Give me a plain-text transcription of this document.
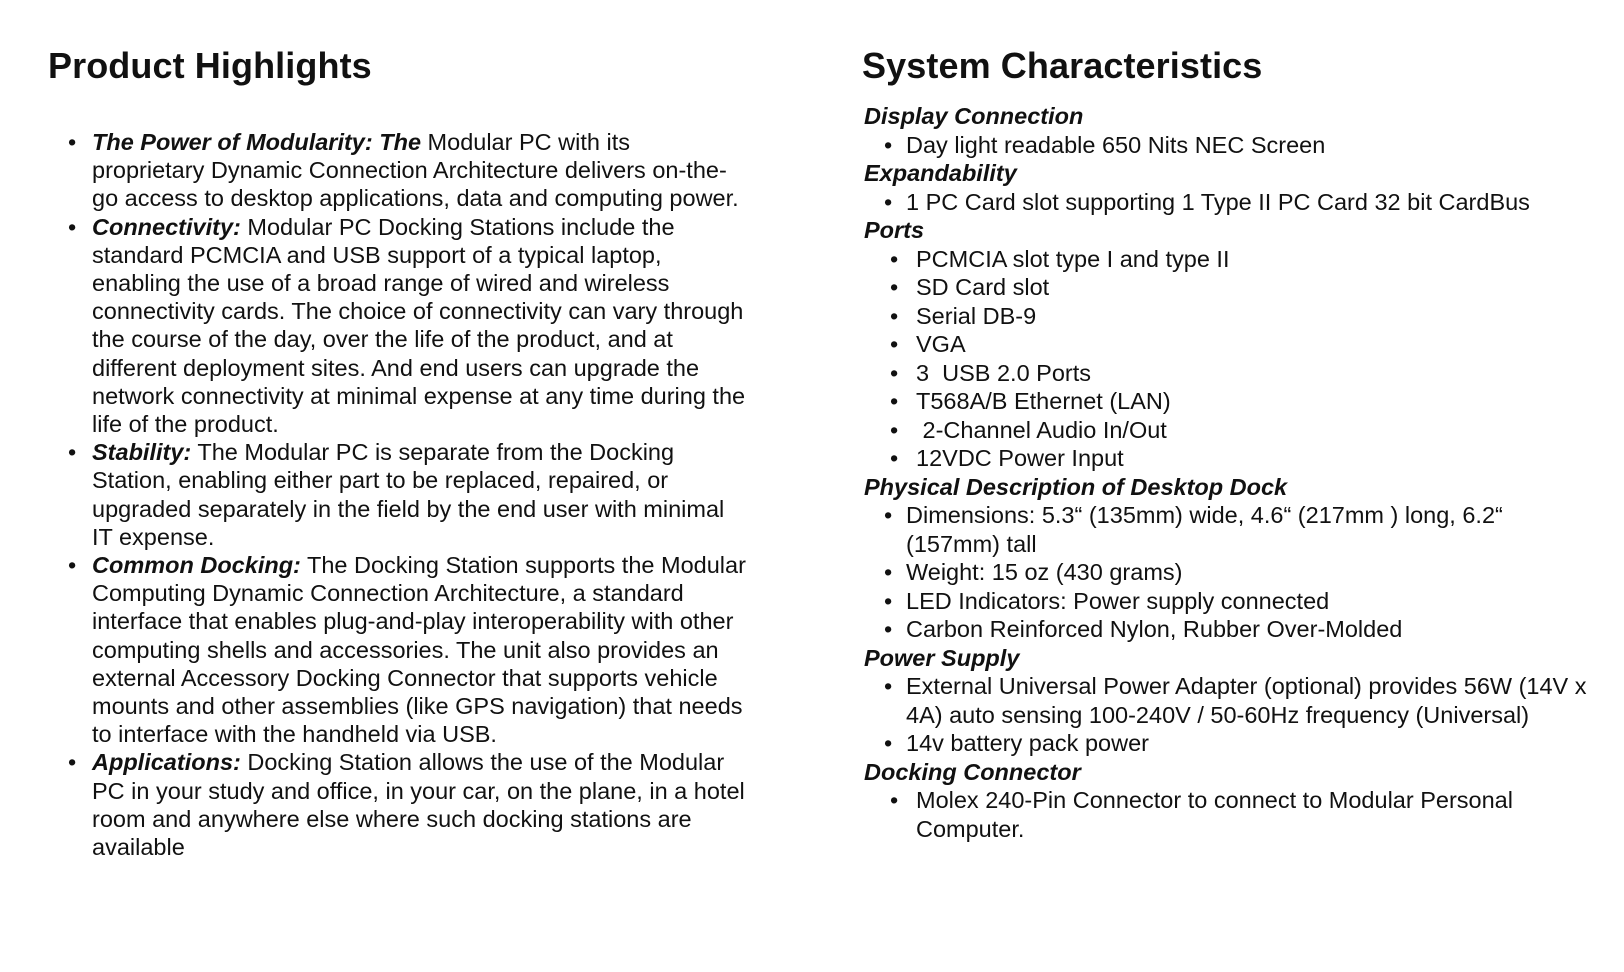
Product Highlights
• The Power of Modularity: The Modular PC with its proprietary Dynamic Connection Architecture delivers on-the-go access to desktop applications, data and computing power.
• Connectivity: Modular PC Docking Stations include the standard PCMCIA and USB support of a typical laptop, enabling the use of a broad range of wired and wireless connectivity cards. The choice of connectivity can vary through the course of the day, over the life of the product, and at different deployment sites. And end users can upgrade the network connectivity at minimal expense at any time during the life of the product.
• Stability: The Modular PC is separate from the Docking Station, enabling either part to be replaced, repaired, or upgraded separately in the field by the end user with minimal IT expense.
• Common Docking: The Docking Station supports the Modular Computing Dynamic Connection Architecture, a standard interface that enables plug-and-play interoperability with other computing shells and accessories. The unit also provides an external Accessory Docking Connector that supports vehicle mounts and other assemblies (like GPS navigation) that needs to interface with the handheld via USB.
• Applications: Docking Station allows the use of the Modular PC in your study and office, in your car, on the plane, in a hotel room and anywhere else where such docking stations are available
System Characteristics
Display Connection
• Day light readable 650 Nits NEC Screen
Expandability
• 1 PC Card slot supporting 1 Type II PC Card 32 bit CardBus
Ports
• PCMCIA slot type I and type II
• SD Card slot
• Serial DB-9
• VGA
• 3  USB 2.0 Ports
• T568A/B Ethernet (LAN)
• 2-Channel Audio In/Out
• 12VDC Power Input
Physical Description of Desktop Dock
• Dimensions: 5.3“ (135mm) wide, 4.6“ (217mm ) long, 6.2“ (157mm) tall
• Weight: 15 oz (430 grams)
• LED Indicators: Power supply connected
• Carbon Reinforced Nylon, Rubber Over-Molded
Power Supply
• External Universal Power Adapter (optional) provides 56W (14V x 4A) auto sensing 100-240V / 50-60Hz frequency (Universal)
• 14v battery pack power
Docking Connector
• Molex 240-Pin Connector to connect to Modular Personal Computer.
